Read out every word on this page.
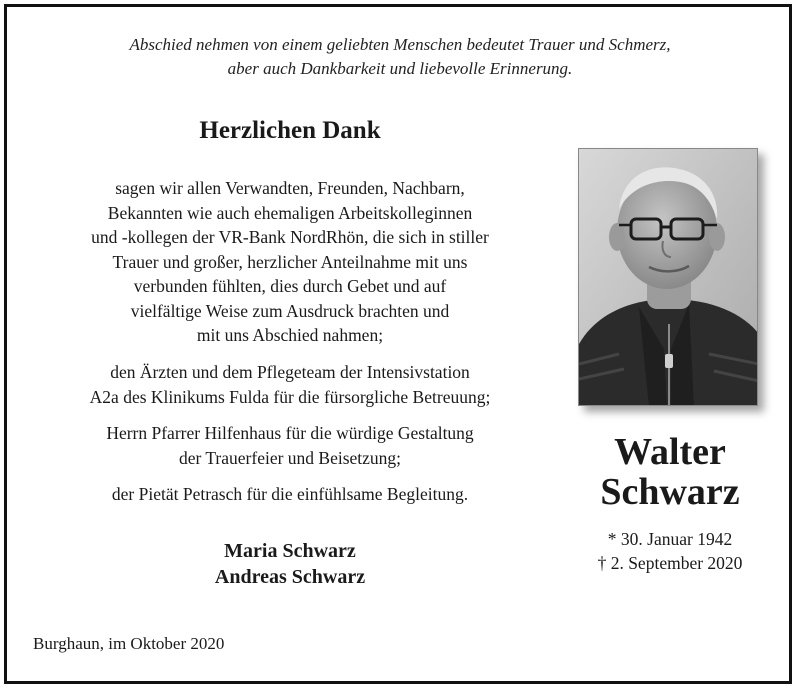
Abschied nehmen von einem geliebten Menschen bedeutet Trauer und Schmerz,
aber auch Dankbarkeit und liebevolle Erinnerung.
Herzlichen Dank
sagen wir allen Verwandten, Freunden, Nachbarn,
Bekannten wie auch ehemaligen Arbeitskolleginnen
und -kollegen der VR-Bank NordRhön, die sich in stiller
Trauer und großer, herzlicher Anteilnahme mit uns
verbunden fühlten, dies durch Gebet und auf
vielfältige Weise zum Ausdruck brachten und
mit uns Abschied nahmen;
den Ärzten und dem Pflegeteam der Intensivstation
A2a des Klinikums Fulda für die fürsorgliche Betreuung;
Herrn Pfarrer Hilfenhaus für die würdige Gestaltung
der Trauerfeier und Beisetzung;
der Pietät Petrasch für die einfühlsame Begleitung.
Maria Schwarz
Andreas Schwarz
Burghaun, im Oktober 2020
Walter
Schwarz
* 30. Januar 1942
† 2. September 2020
